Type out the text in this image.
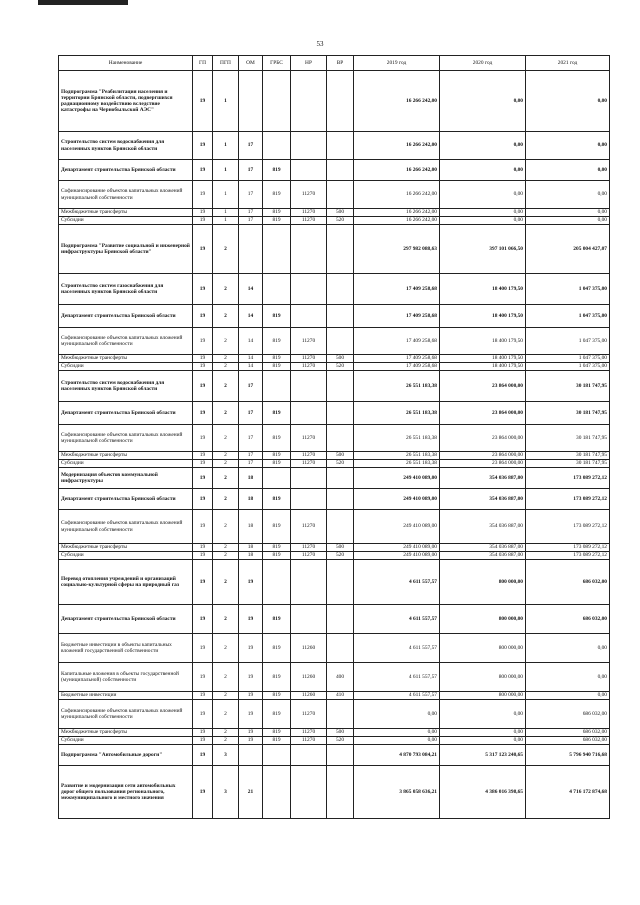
53
Наименование	ГП	ПГП	ОМ	ГРБС	НР	ВР	2019 год	2020 год	2021 год
Подпрограмма "Реабилитация населения и территории Брянской области, подвергшихся радиационному воздействию вследствие катастрофы на Чернобыльской АЭС"	19	1					16 266 242,00	0,00	0,00
Строительство систем водоснабжения для населенных пунктов Брянской области	19	1	17				16 266 242,00	0,00	0,00
Департамент строительства Брянской области	19	1	17	819			16 266 242,00	0,00	0,00
Софинансирование объектов капитальных вложений муниципальной собственности	19	1	17	819	11270		16 266 242,00	0,00	0,00
Межбюджетные трансферты	19	1	17	819	11270	500	16 266 242,00	0,00	0,00
Субсидии	19	1	17	819	11270	520	16 266 242,00	0,00	0,00
Подпрограмма "Развитие социальной и инженерной инфраструктуры Брянской области"	19	2					297 982 088,63	397 101 066,50	205 004 427,07
Строительство систем газоснабжения для населенных пунктов Брянской области	19	2	14				17 409 258,68	18 400 179,50	1 047 375,00
Департамент строительства Брянской области	19	2	14	819			17 409 258,68	18 400 179,50	1 047 375,00
Софинансирование объектов капитальных вложений муниципальной собственности	19	2	14	819	11270		17 409 258,68	18 400 179,50	1 047 375,00
Межбюджетные трансферты	19	2	14	819	11270	500	17 409 258,68	18 400 179,50	1 047 375,00
Субсидии	19	2	14	819	11270	520	17 409 258,68	18 400 179,50	1 047 375,00
Строительство систем водоснабжения для населенных пунктов Брянской области	19	2	17				26 551 183,38	23 864 000,00	30 181 747,95
Департамент строительства Брянской области	19	2	17	819			26 551 183,38	23 864 000,00	30 181 747,95
Софинансирование объектов капитальных вложений муниципальной собственности	19	2	17	819	11270		26 551 183,38	23 864 000,00	30 181 747,95
Межбюджетные трансферты	19	2	17	819	11270	500	26 551 183,38	23 864 000,00	30 181 747,95
Субсидии	19	2	17	819	11270	520	26 551 183,38	23 864 000,00	30 181 747,95
Модернизация объектов коммунальной инфраструктуры	19	2	18				249 410 089,00	354 036 887,00	173 089 272,12
Департамент строительства Брянской области	19	2	18	819			249 410 089,00	354 036 887,00	173 089 272,12
Софинансирование объектов капитальных вложений муниципальной собственности	19	2	18	819	11270		249 410 089,00	354 036 887,00	173 089 272,12
Межбюджетные трансферты	19	2	18	819	11270	500	249 410 089,00	354 036 887,00	173 089 272,12
Субсидии	19	2	18	819	11270	520	249 410 089,00	354 036 887,00	173 089 272,12
Перевод отопления учреждений и организаций социально-культурной сферы на природный газ	19	2	19				4 611 557,57	800 000,00	686 032,00
Департамент строительства Брянской области	19	2	19	819			4 611 557,57	800 000,00	686 032,00
Бюджетные инвестиции в объекты капитальных вложений государственной собственности	19	2	19	819	11260		4 611 557,57	800 000,00	0,00
Капитальные вложения в объекты государственной (муниципальной) собственности	19	2	19	819	11260	400	4 611 557,57	800 000,00	0,00
Бюджетные инвестиции	19	2	19	819	11260	410	4 611 557,57	800 000,00	0,00
Софинансирование объектов капитальных вложений муниципальной собственности	19	2	19	819	11270		0,00	0,00	686 032,00
Межбюджетные трансферты	19	2	19	819	11270	500	0,00	0,00	686 032,00
Субсидии	19	2	19	819	11270	520	0,00	0,00	686 032,00
Подпрограмма "Автомобильные дороги"	19	3					4 870 793 084,21	5 317 123 240,65	5 796 940 716,68
Развитие и модернизация сети автомобильных дорог общего пользования регионального, межмуниципального и местного значения	19	3	21				3 865 058 636,21	4 386 016 398,65	4 716 172 874,68
